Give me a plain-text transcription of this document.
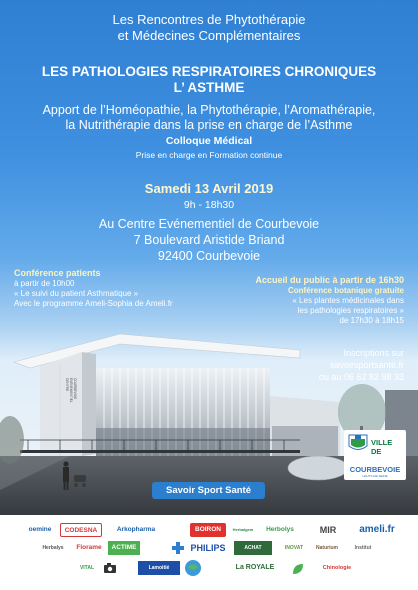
Les Rencontres de Phytothérapie
et Médecines Complémentaires
LES PATHOLOGIES RESPIRATOIRES CHRONIQUES
L’ ASTHME
Apport de l’Homéopathie, la Phytothérapie, l’Aromathérapie,
la Nutrithérapie dans la prise en charge de l’Asthme
Colloque Médical
Prise en charge en Formation continue
Samedi 13 Avril 2019
9h - 18h30
Au Centre Evénementiel de Courbevoie
7 Boulevard Aristide Briand
92400 Courbevoie
Conférence patients
à partir de 10h00
« Le suivi du patient Asthmatique »
Avec le programme Ameli-Sophia de Ameli.fr
Accueil du public à partir de 16h30
Conférence botanique gratuite
« Les plantes médicinales dans
les pathologies respiratoires »
de 17h30 à 18h15
CENTRE ÉVÉNEMENTIEL COURBEVOIE
Inscriptions sur
savoirsportsanté.fr
ou au 06 62 82 98 33
Savoir Sport Santé
VILLE
DE
COURBEVOIE
HAUTS-DE-SEINE
oemine	CODESNA	Arkopharma	BOIRON	Herbalgem	Herbolys	MIR	ameli.fr
Herbalys	Florame	ACTIME	PHILIPS	ACHAT	INOVAT	Naturium	Institut
VITAL	Lamoitié	La ROYALE	Chinologie
